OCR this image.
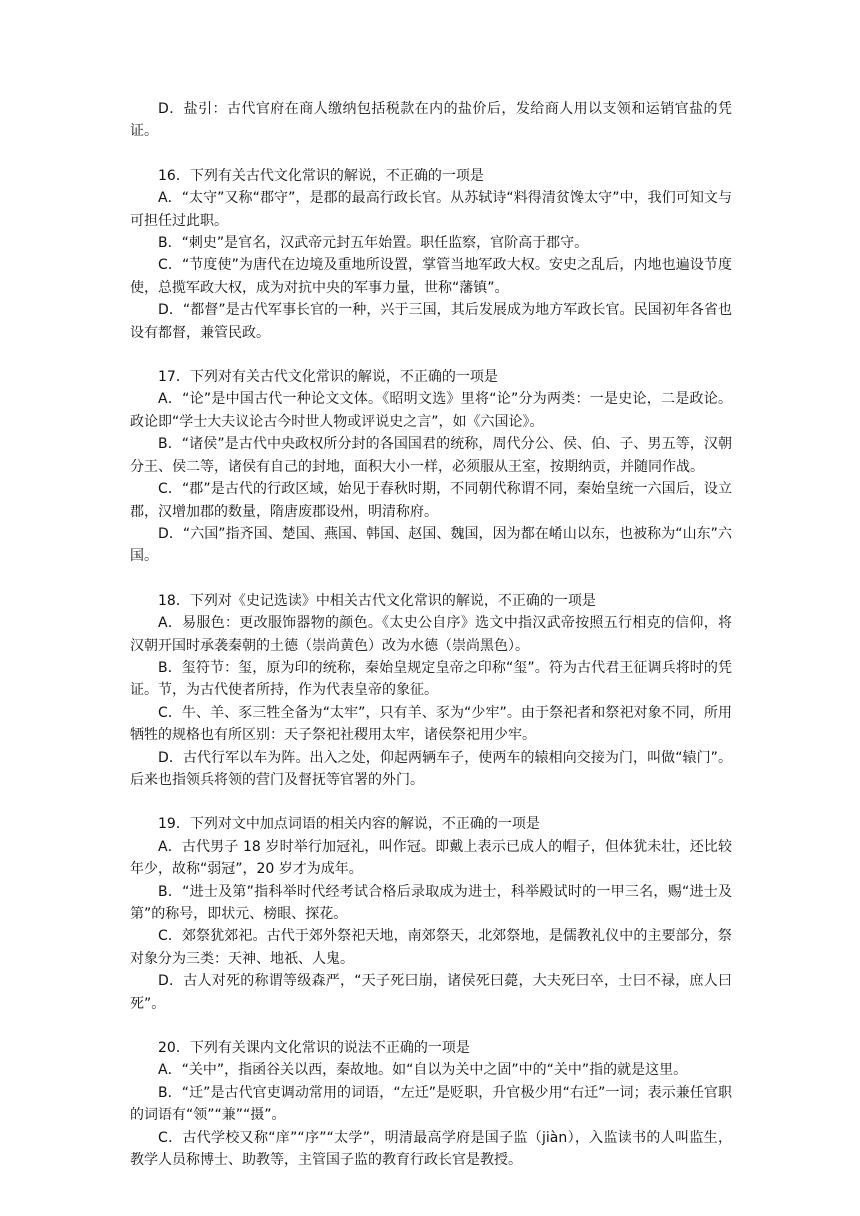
D．盐引：古代官府在商人缴纳包括税款在内的盐价后，发给商人用以支领和运销官盐的凭证。

16．下列有关古代文化常识的解说，不正确的一项是

A．“太守”又称“郡守”，是郡的最高行政长官。从苏轼诗“料得清贫馋太守”中，我们可知文与可担任过此职。

B．“刺史”是官名，汉武帝元封五年始置。职任监察，官阶高于郡守。

C．“节度使”为唐代在边境及重地所设置，掌管当地军政大权。安史之乱后，内地也遍设节度使，总揽军政大权，成为对抗中央的军事力量，世称“藩镇”。

D．“都督”是古代军事长官的一种，兴于三国，其后发展成为地方军政长官。民国初年各省也设有都督，兼管民政。

17．下列对有关古代文化常识的解说，不正确的一项是

A．“论”是中国古代一种论文文体。《昭明文选》里将“论”分为两类：一是史论，二是政论。政论即“学士大夫议论古今时世人物或评说史之言”，如《六国论》。

B．“诸侯”是古代中央政权所分封的各国国君的统称，周代分公、侯、伯、子、男五等，汉朝分王、侯二等，诸侯有自己的封地，面积大小一样，必须服从王室，按期纳贡，并随同作战。

C．“郡”是古代的行政区域，始见于春秋时期，不同朝代称谓不同，秦始皇统一六国后，设立郡，汉增加郡的数量，隋唐废郡设州，明清称府。

D．“六国”指齐国、楚国、燕国、韩国、赵国、魏国，因为都在崤山以东，也被称为“山东”六国。

18．下列对《史记选读》中相关古代文化常识的解说，不正确的一项是

A．易服色：更改服饰器物的颜色。《太史公自序》选文中指汉武帝按照五行相克的信仰，将汉朝开国时承袭秦朝的土德（崇尚黄色）改为水德（崇尚黑色）。

B．玺符节：玺，原为印的统称，秦始皇规定皇帝之印称“玺”。符为古代君王征调兵将时的凭证。节，为古代使者所持，作为代表皇帝的象征。

C．牛、羊、豕三牲全备为“太牢”，只有羊、豕为“少牢”。由于祭祀者和祭祀对象不同，所用牺牲的规格也有所区别：天子祭祀社稷用太牢，诸侯祭祀用少牢。

D．古代行军以车为阵。出入之处，仰起两辆车子，使两车的辕相向交接为门，叫做“辕门”。后来也指领兵将领的营门及督抚等官署的外门。

19．下列对文中加点词语的相关内容的解说，不正确的一项是

A．古代男子 18 岁时举行加冠礼，叫作冠。即戴上表示已成人的帽子，但体犹未壮，还比较年少，故称“弱冠”，20 岁才为成年。

B．“进士及第”指科举时代经考试合格后录取成为进士，科举殿试时的一甲三名，赐“进士及第”的称号，即状元、榜眼、探花。

C．郊祭犹郊祀。古代于郊外祭祀天地，南郊祭天，北郊祭地，是儒教礼仪中的主要部分，祭对象分为三类：天神、地祇、人鬼。

D．古人对死的称谓等级森严，“天子死曰崩，诸侯死曰薨，大夫死曰卒，士曰不禄，庶人曰死”。

20．下列有关课内文化常识的说法不正确的一项是

A．“关中”，指函谷关以西，秦故地。如“自以为关中之固”中的“关中”指的就是这里。

B．“迁”是古代官吏调动常用的词语，“左迁”是贬职，升官极少用“右迁”一词；表示兼任官职的词语有“领”“兼”“摄”。

C．古代学校又称“庠”“序”“太学”，明清最高学府是国子监（jiàn），入监读书的人叫监生，教学人员称博士、助教等，主管国子监的教育行政长官是教授。
